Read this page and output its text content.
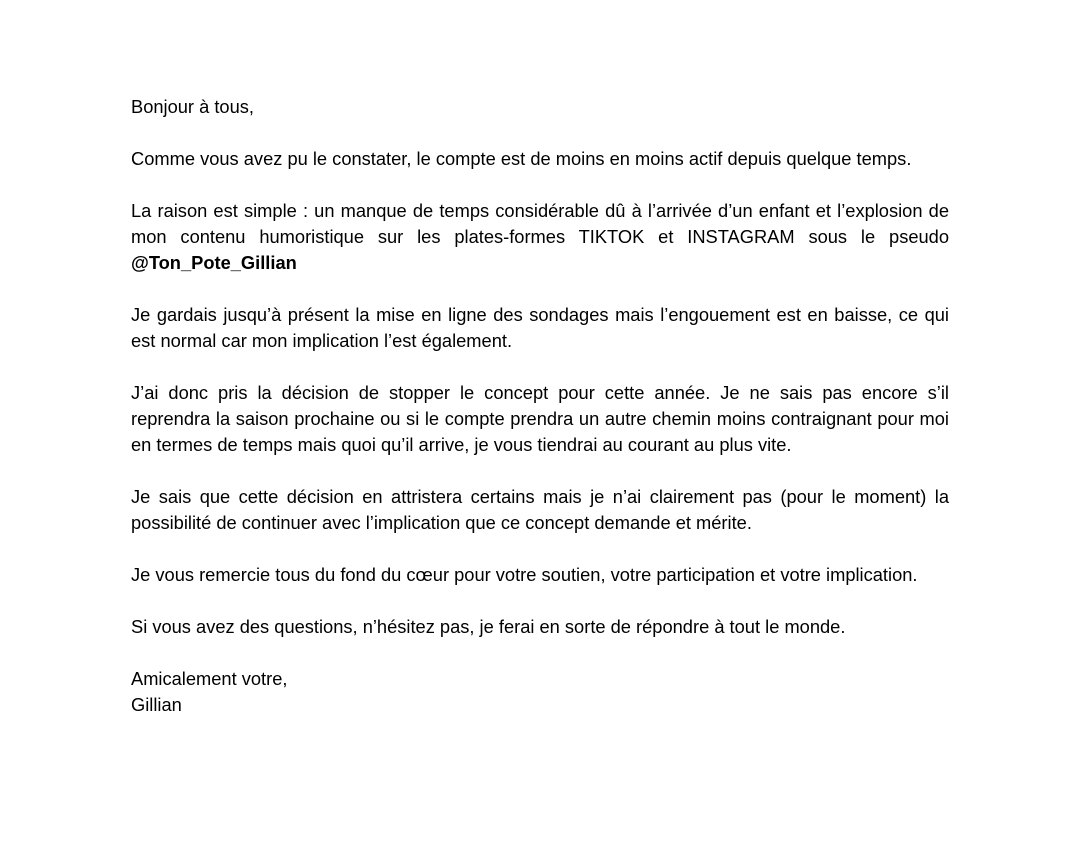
Bonjour à tous,

Comme vous avez pu le constater, le compte est de moins en moins actif depuis quelque temps.

La raison est simple : un manque de temps considérable dû à l’arrivée d’un enfant et l’explosion de mon contenu humoristique sur les plates-formes TIKTOK et INSTAGRAM sous le pseudo @Ton_Pote_Gillian

Je gardais jusqu’à présent la mise en ligne des sondages mais l’engouement est en baisse, ce qui est normal car mon implication l’est également.

J’ai donc pris la décision de stopper le concept pour cette année. Je ne sais pas encore s’il reprendra la saison prochaine ou si le compte prendra un autre chemin moins contraignant pour moi en termes de temps mais quoi qu’il arrive, je vous tiendrai au courant au plus vite.

Je sais que cette décision en attristera certains mais je n’ai clairement pas (pour le moment) la possibilité de continuer avec l’implication que ce concept demande et mérite.

Je vous remercie tous du fond du cœur pour votre soutien, votre participation et votre implication.

Si vous avez des questions, n’hésitez pas, je ferai en sorte de répondre à tout le monde.

Amicalement votre,
Gillian
